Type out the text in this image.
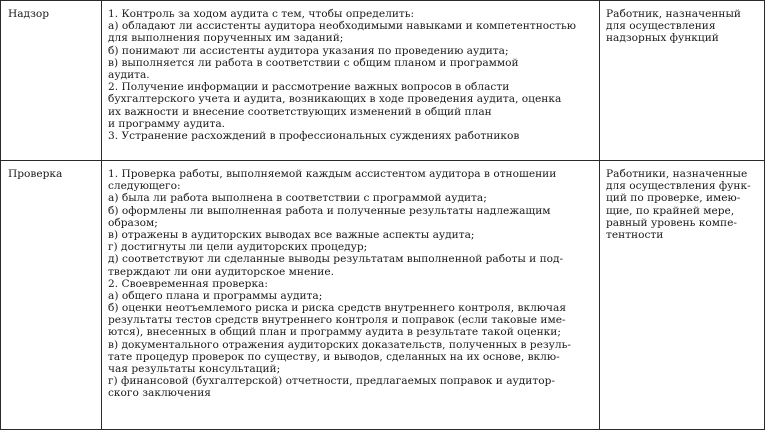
Надзор	1. Контроль за ходом аудита с тем, чтобы определить:
а) обладают ли ассистенты аудитора необходимыми навыками и компетентностью
для выполнения порученных им заданий;
б) понимают ли ассистенты аудитора указания по проведению аудита;
в) выполняется ли работа в соответствии с общим планом и программой
аудита.
2. Получение информации и рассмотрение важных вопросов в области
бухгалтерского учета и аудита, возникающих в ходе проведения аудита, оценка
их важности и внесение соответствующих изменений в общий план
и программу аудита.
3. Устранение расхождений в профессиональных суждениях работников
Работник, назначенный
для осуществления
надзорных функций
Проверка	1. Проверка работы, выполняемой каждым ассистентом аудитора в отношении
следующего:
а) была ли работа выполнена в соответствии с программой аудита;
б) оформлены ли выполненная работа и полученные результаты надлежащим
образом;
в) отражены в аудиторских выводах все важные аспекты аудита;
г) достигнуты ли цели аудиторских процедур;
д) соответствуют ли сделанные выводы результатам выполненной работы и под-
тверждают ли они аудиторское мнение.
2. Своевременная проверка:
а) общего плана и программы аудита;
б) оценки неотъемлемого риска и риска средств внутреннего контроля, включая
результаты тестов средств внутреннего контроля и поправок (если таковые име-
ются), внесенных в общий план и программу аудита в результате такой оценки;
в) документального отражения аудиторских доказательств, полученных в резуль-
тате процедур проверок по существу, и выводов, сделанных на их основе, вклю-
чая результаты консультаций;
г) финансовой (бухгалтерской) отчетности, предлагаемых поправок и аудитор-
ского заключения
Работники, назначенные
для осуществления функ-
ций по проверке, имею-
щие, по крайней мере,
равный уровень компе-
тентности
